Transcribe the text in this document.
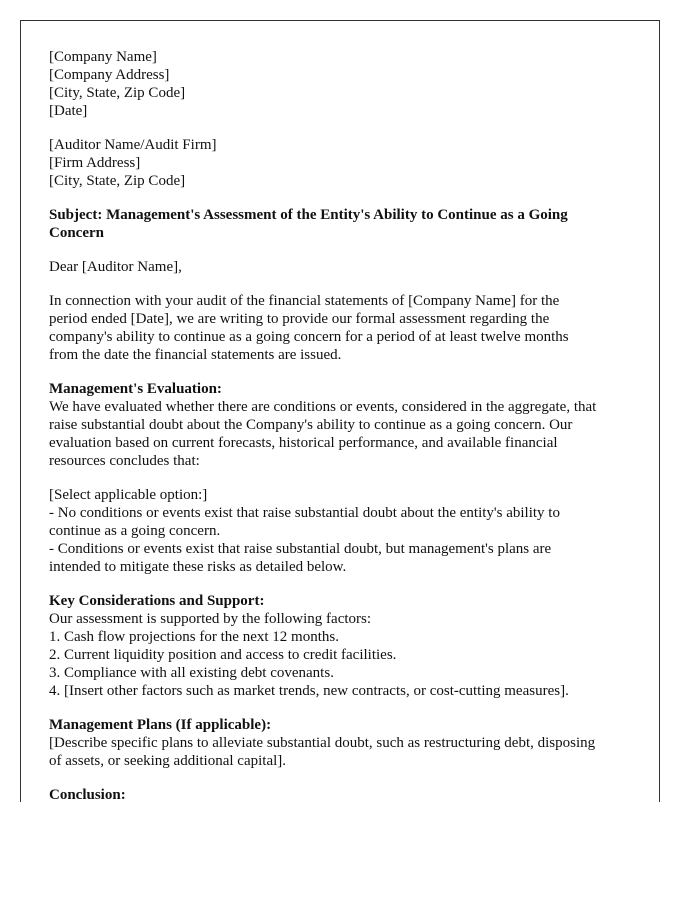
[Company Name]
[Company Address]
[City, State, Zip Code]
[Date]
[Auditor Name/Audit Firm]
[Firm Address]
[City, State, Zip Code]
Subject: Management's Assessment of the Entity's Ability to Continue as a Going
Concern
Dear [Auditor Name],
In connection with your audit of the financial statements of [Company Name] for the
period ended [Date], we are writing to provide our formal assessment regarding the
company's ability to continue as a going concern for a period of at least twelve months
from the date the financial statements are issued.
Management's Evaluation:
We have evaluated whether there are conditions or events, considered in the aggregate, that
raise substantial doubt about the Company's ability to continue as a going concern. Our
evaluation based on current forecasts, historical performance, and available financial
resources concludes that:
[Select applicable option:]
- No conditions or events exist that raise substantial doubt about the entity's ability to
continue as a going concern.
- Conditions or events exist that raise substantial doubt, but management's plans are
intended to mitigate these risks as detailed below.
Key Considerations and Support:
Our assessment is supported by the following factors:
1. Cash flow projections for the next 12 months.
2. Current liquidity position and access to credit facilities.
3. Compliance with all existing debt covenants.
4. [Insert other factors such as market trends, new contracts, or cost-cutting measures].
Management Plans (If applicable):
[Describe specific plans to alleviate substantial doubt, such as restructuring debt, disposing
of assets, or seeking additional capital].
Conclusion:
